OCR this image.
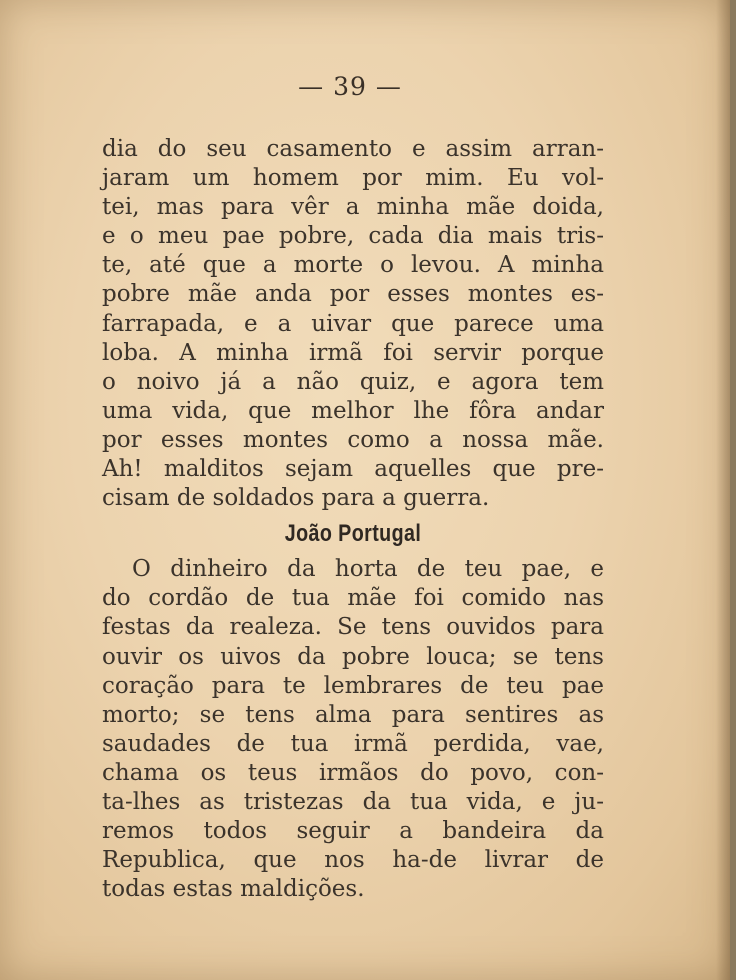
— 39 —
dia do seu casamento e assim arran-
jaram um homem por mim. Eu vol-
tei, mas para vêr a minha mãe doida,
e o meu pae pobre, cada dia mais tris-
te, até que a morte o levou. A minha
pobre mãe anda por esses montes es-
farrapada, e a uivar que parece uma
loba. A minha irmã foi servir porque
o noivo já a não quiz, e agora tem
uma vida, que melhor lhe fôra andar
por esses montes como a nossa mãe.
Ah! malditos sejam aquelles que pre-
cisam de soldados para a guerra.
João Portugal
O dinheiro da horta de teu pae, e
do cordão de tua mãe foi comido nas
festas da realeza. Se tens ouvidos para
ouvir os uivos da pobre louca; se tens
coração para te lembrares de teu pae
morto; se tens alma para sentires as
saudades de tua irmã perdida, vae,
chama os teus irmãos do povo, con-
ta-lhes as tristezas da tua vida, e ju-
remos todos seguir a bandeira da
Republica, que nos ha-de livrar de
todas estas maldições.
